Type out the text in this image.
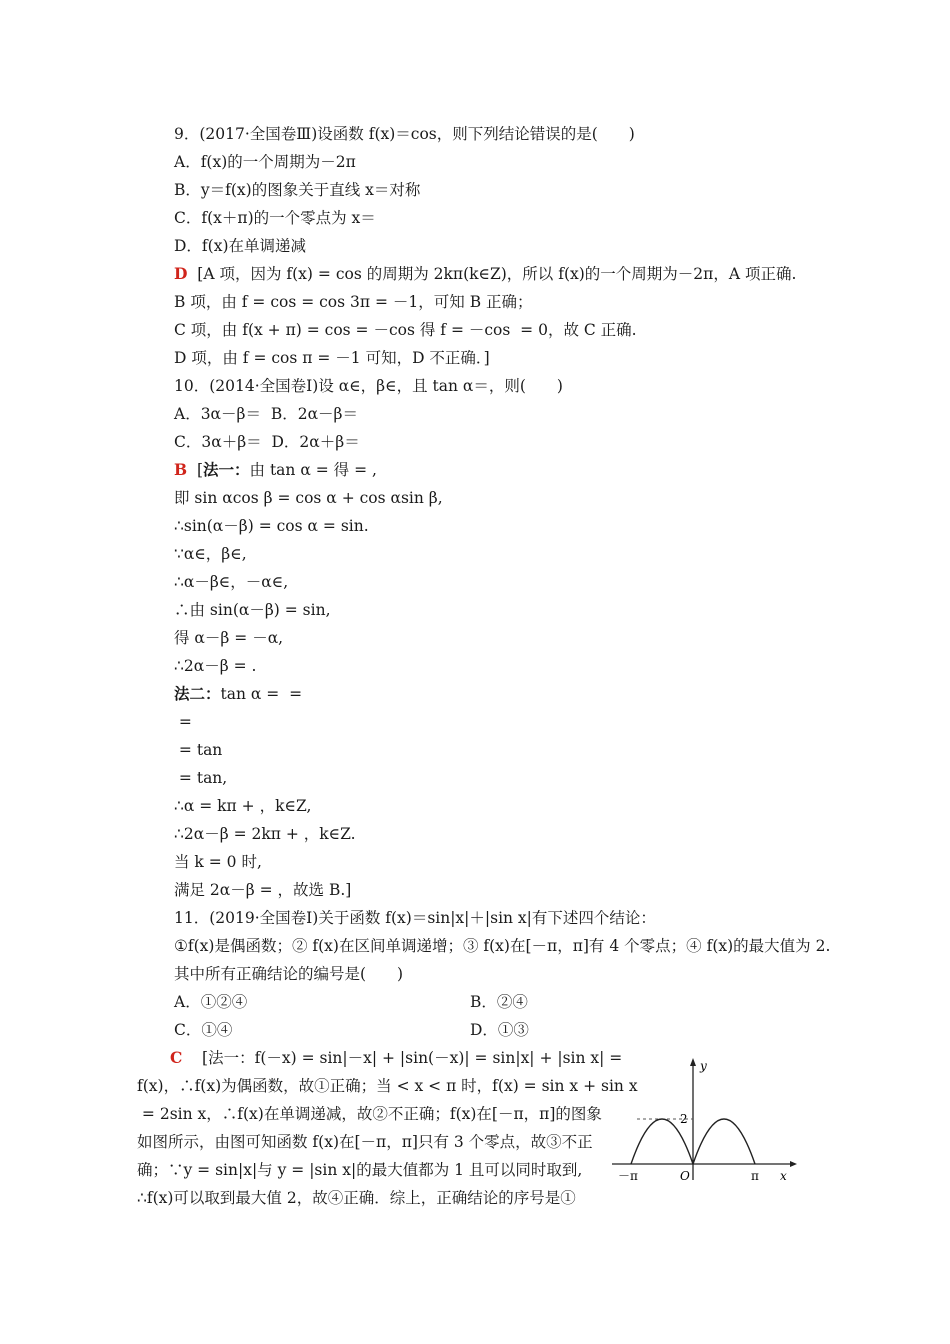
9．(2017·全国卷Ⅲ)设函数 f(x)＝cos，则下列结论错误的是(　　)
A．f(x)的一个周期为－2π
B．y＝f(x)的图象关于直线 x＝对称
C．f(x＋π)的一个零点为 x＝
D．f(x)在单调递减
D  [A 项，因为 f(x) = cos 的周期为 2kπ(k∈Z)，所以 f(x)的一个周期为－2π，A 项正确.
B 项，由 f = cos = cos 3π = －1，可知 B 正确；
C 项，由 f(x + π) = cos = －cos 得 f = －cos  = 0，故 C 正确.
D 项，由 f = cos π = －1 可知，D 不正确．]
10．(2014·全国卷Ⅰ)设 α∈，β∈，且 tan α＝，则(　　)
A．3α－β＝  B．2α－β＝
C．3α＋β＝  D．2α＋β＝
B  [法一：由 tan α = 得 = ,
即 sin αcos β = cos α + cos αsin β,
∴sin(α－β) = cos α = sin.
∵α∈，β∈,
∴α－β∈，－α∈,
∴由 sin(α－β) = sin,
得 α－β = －α,
∴2α－β = .
法二：tan α =  =
=
= tan
= tan,
∴α = kπ + ，k∈Z,
∴2α－β = 2kπ + ，k∈Z.
当 k = 0 时,
满足 2α－β = ，故选 B.]
11．(2019·全国卷Ⅰ)关于函数 f(x)＝sin|x|＋|sin x|有下述四个结论：
①f(x)是偶函数；② f(x)在区间单调递增；③ f(x)在[－π，π]有 4 个零点；④ f(x)的最大值为 2.
其中所有正确结论的编号是(　　)
A．①②④	B．②④
C．①④	D．①③
C    [法一：f(－x) = sin|－x| + |sin(－x)| = sin|x| + |sin x| =
f(x)，∴f(x)为偶函数，故①正确；当 < x < π 时，f(x) = sin x + sin x
= 2sin x，∴f(x)在单调递减，故②不正确；f(x)在[－π，π]的图象
如图所示，由图可知函数 f(x)在[－π，π]只有 3 个零点，故③不正
确；∵y = sin|x|与 y = |sin x|的最大值都为 1 且可以同时取到,
∴f(x)可以取到最大值 2，故④正确．综上，正确结论的序号是①
y
x
O
2
－π	π
